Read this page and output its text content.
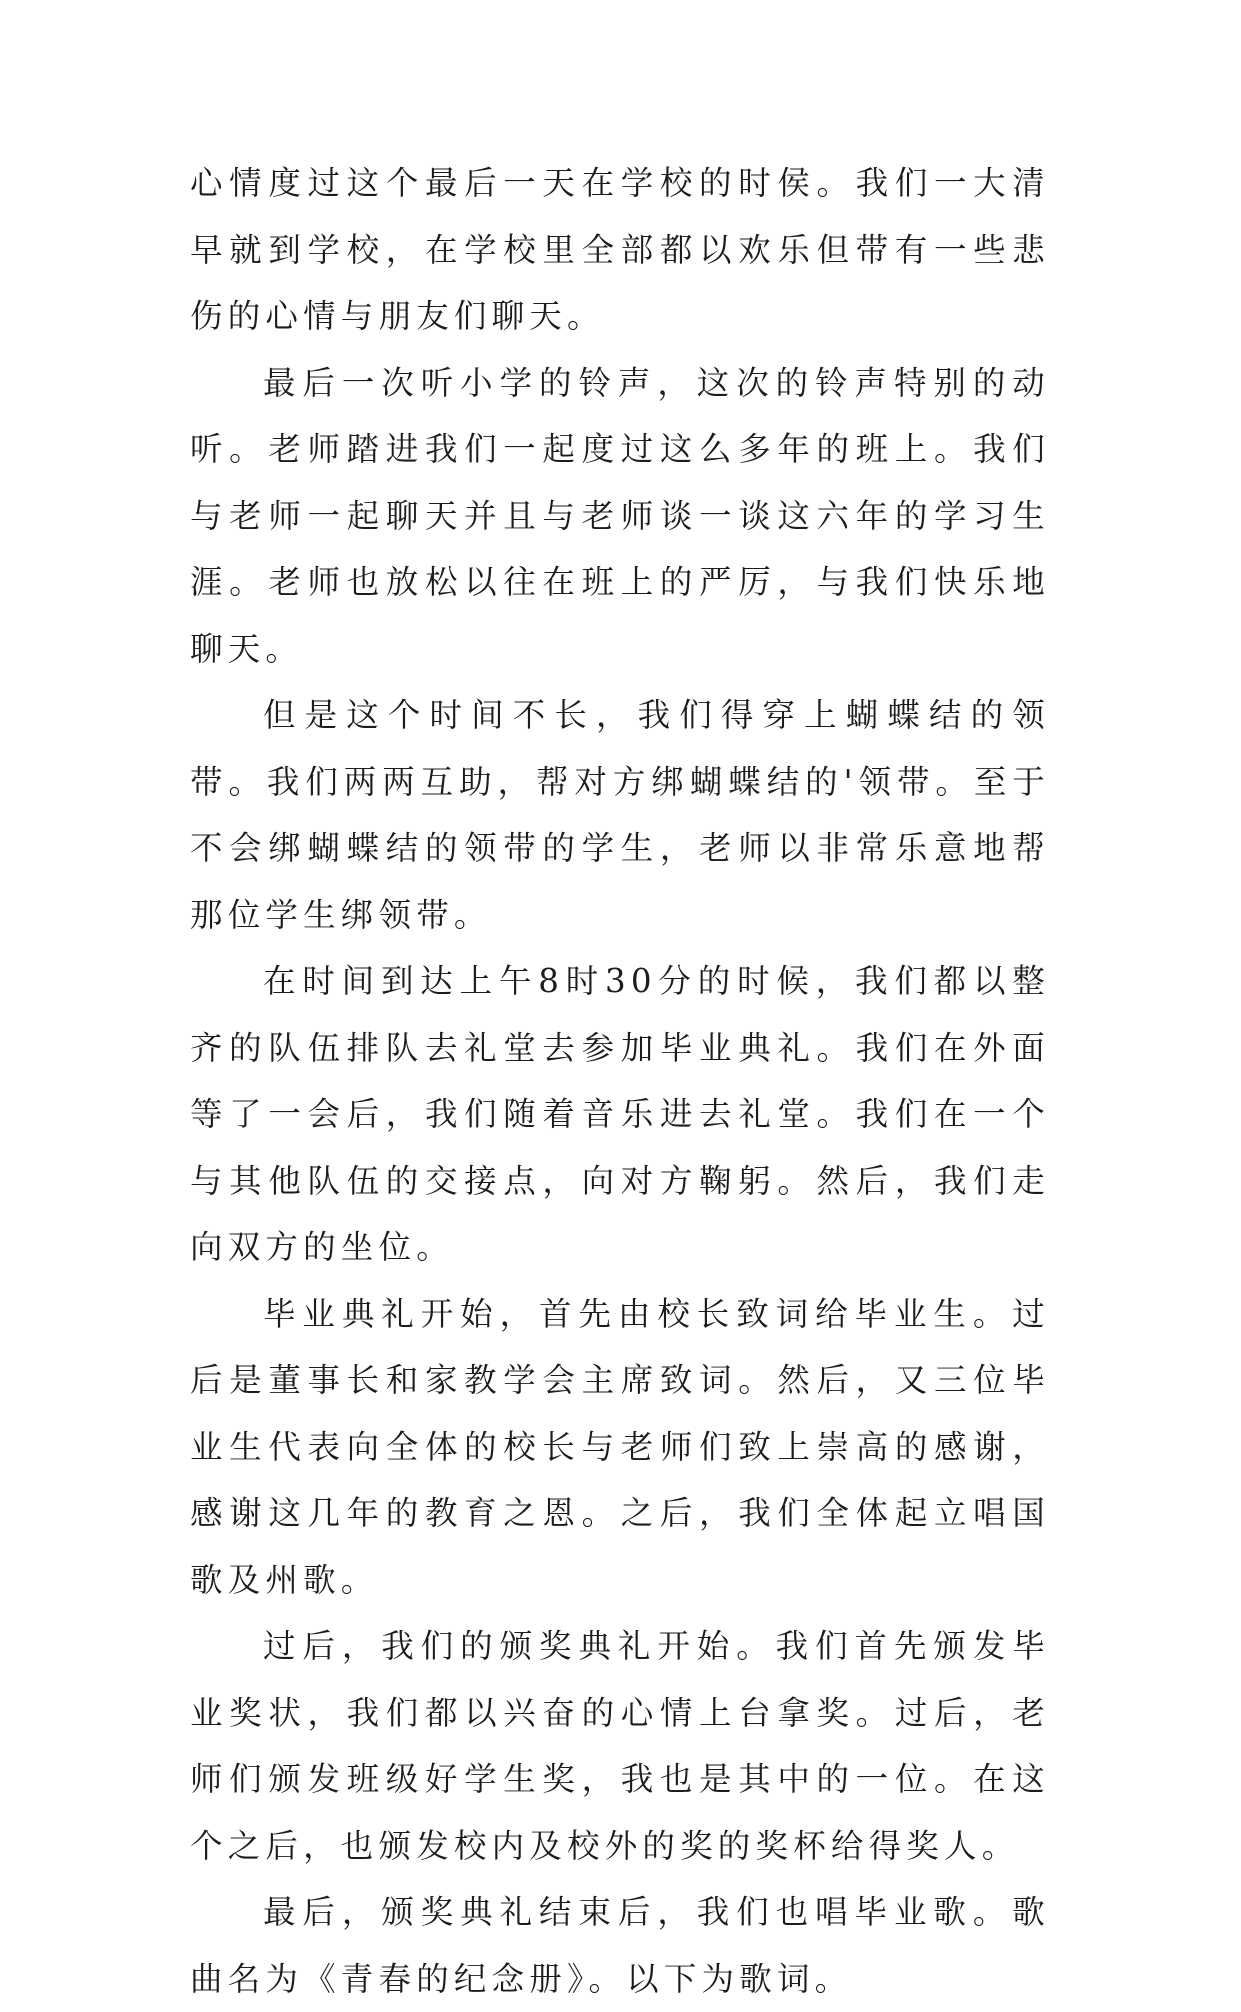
心情度过这个最后一天在学校的时侯。我们一大清早就到学校，在学校里全部都以欢乐但带有一些悲伤的心情与朋友们聊天。

最后一次听小学的铃声，这次的铃声特别的动听。老师踏进我们一起度过这么多年的班上。我们与老师一起聊天并且与老师谈一谈这六年的学习生涯。老师也放松以往在班上的严厉，与我们快乐地聊天。

但是这个时间不长，我们得穿上蝴蝶结的领带。我们两两互助，帮对方绑蝴蝶结的'领带。至于不会绑蝴蝶结的领带的学生，老师以非常乐意地帮那位学生绑领带。

在时间到达上午8时30分的时候，我们都以整齐的队伍排队去礼堂去参加毕业典礼。我们在外面等了一会后，我们随着音乐进去礼堂。我们在一个与其他队伍的交接点，向对方鞠躬。然后，我们走向双方的坐位。

毕业典礼开始，首先由校长致词给毕业生。过后是董事长和家教学会主席致词。然后，又三位毕业生代表向全体的校长与老师们致上崇高的感谢，感谢这几年的教育之恩。之后，我们全体起立唱国歌及州歌。

过后，我们的颁奖典礼开始。我们首先颁发毕业奖状，我们都以兴奋的心情上台拿奖。过后，老师们颁发班级好学生奖，我也是其中的一位。在这个之后，也颁发校内及校外的奖的奖杯给得奖人。

最后，颁奖典礼结束后，我们也唱毕业歌。歌曲名为《青春的纪念册》。以下为歌词。
